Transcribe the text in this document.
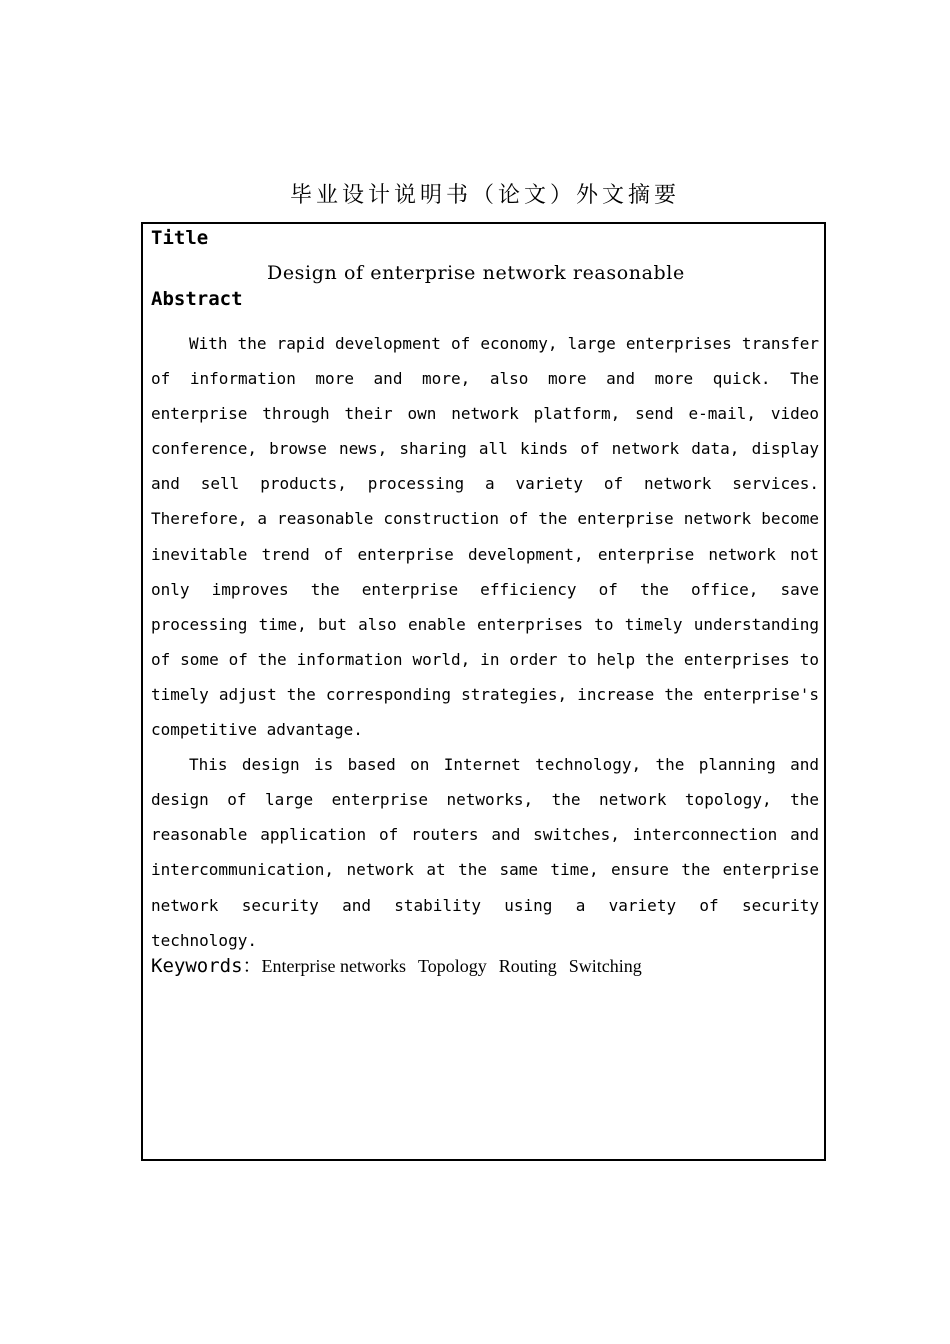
毕业设计说明书（论文）外文摘要
Title
Design of enterprise network reasonable
Abstract

With the rapid development of economy, large enterprises transfer of information more and more, also more and more quick. The enterprise through their own network platform, send e-mail, video conference, browse news, sharing all kinds of network data, display and sell products, processing a variety of network services. Therefore, a reasonable construction of the enterprise network become inevitable trend of enterprise development, enterprise network not only improves the enterprise efficiency of the office, save processing time, but also enable enterprises to timely understanding of some of the information world, in order to help the enterprises to timely adjust the corresponding strategies, increase the enterprise's competitive advantage.

This design is based on Internet technology, the planning and design of large enterprise networks, the network topology, the reasonable application of routers and switches, interconnection and intercommunication, network at the same time, ensure the enterprise network security and stability using a variety of security technology.

Keywords：Enterprise networks Topology Routing Switching
